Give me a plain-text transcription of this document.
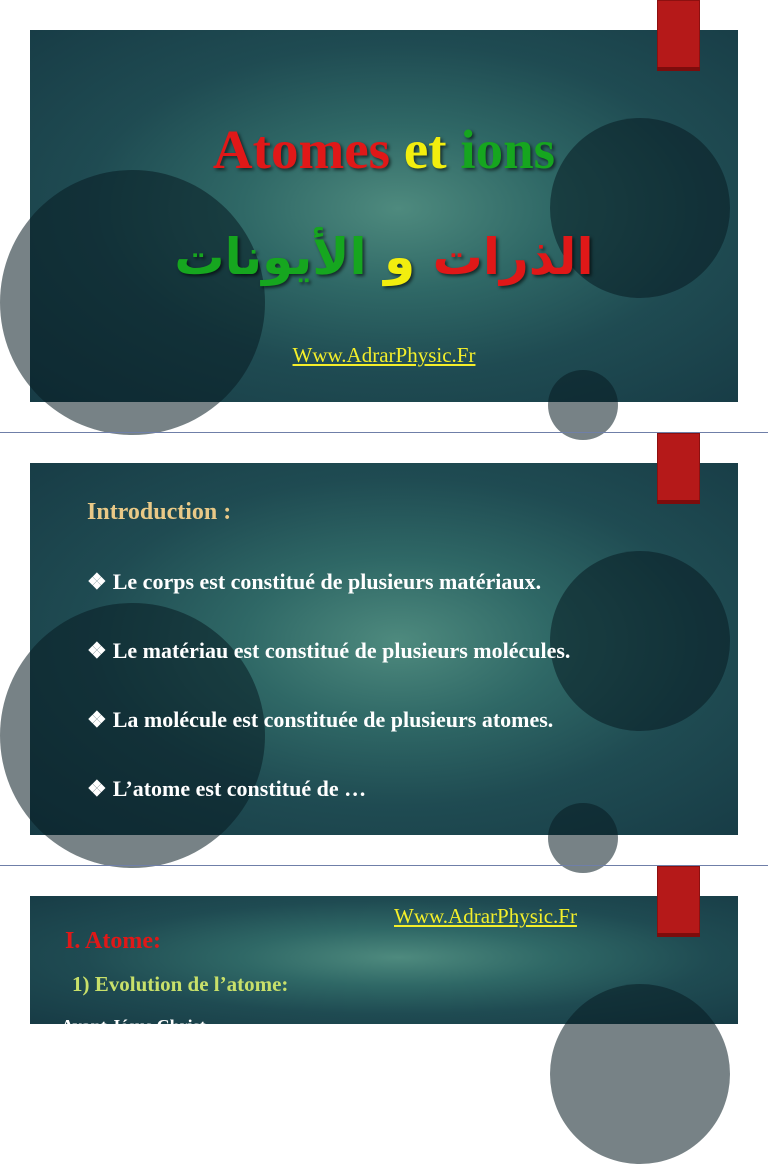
Atomes et ions
الذرات و الأيونات
Www.AdrarPhysic.Fr
Introduction :
❖ Le corps est constitué de plusieurs matériaux.
❖ Le matériau est constitué de plusieurs molécules.
❖ La molécule est constituée de plusieurs atomes.
❖ L’atome est constitué de …
Www.AdrarPhysic.Fr
I. Atome:
1) Evolution de l’atome:
Avant Jésus Christ
